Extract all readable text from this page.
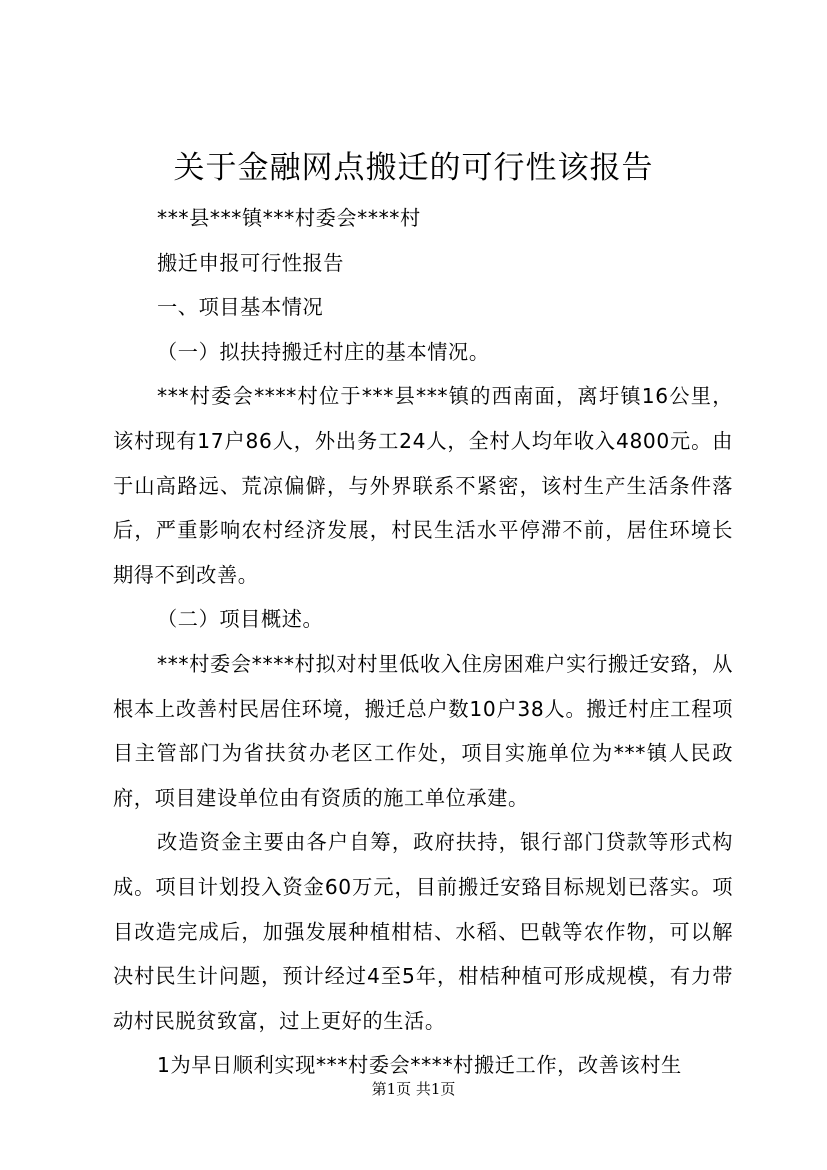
关于金融网点搬迁的可行性该报告

***县***镇***村委会****村

搬迁申报可行性报告

一、项目基本情况

（一）拟扶持搬迁村庄的基本情况。

***村委会****村位于***县***镇的西南面，离圩镇16公里，该村现有17户86人，外出务工24人，全村人均年收入4800元。由于山高路远、荒凉偏僻，与外界联系不紧密，该村生产生活条件落后，严重影响农村经济发展，村民生活水平停滞不前，居住环境长期得不到改善。

（二）项目概述。

***村委会****村拟对村里低收入住房困难户实行搬迁安臵，从根本上改善村民居住环境，搬迁总户数10户38人。搬迁村庄工程项目主管部门为省扶贫办老区工作处，项目实施单位为***镇人民政府，项目建设单位由有资质的施工单位承建。

改造资金主要由各户自筹，政府扶持，银行部门贷款等形式构成。项目计划投入资金60万元，目前搬迁安臵目标规划已落实。项目改造完成后，加强发展种植柑桔、水稻、巴戟等农作物，可以解决村民生计问题，预计经过4至5年，柑桔种植可形成规模，有力带动村民脱贫致富，过上更好的生活。

1为早日顺利实现***村委会****村搬迁工作，改善该村生

第1页 共1页
